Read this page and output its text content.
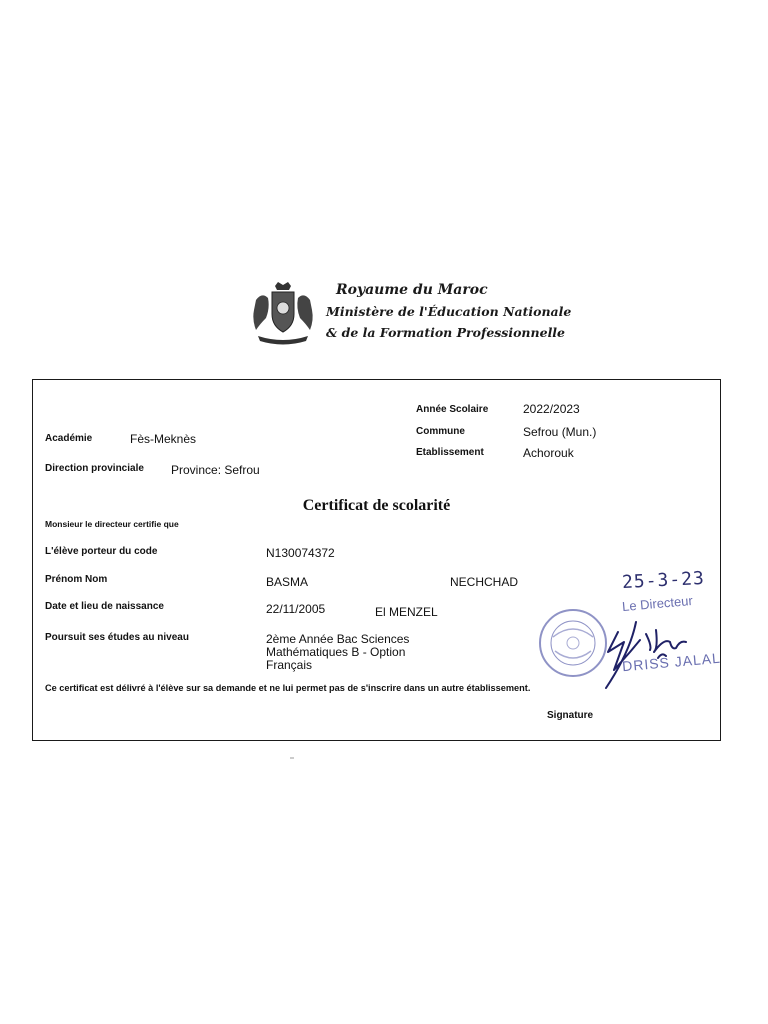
Royaume du Maroc
Ministère de l'Éducation Nationale
& de la Formation Professionnelle
Année Scolaire	2022/2023
Commune	Sefrou (Mun.)
Etablissement	Achorouk
Académie	Fès-Meknès
Direction provinciale Province: Sefrou
Certificat de scolarité
Monsieur le directeur certifie que
L'élève porteur du code	N130074372
Prénom Nom	BASMA	NECHCHAD
Date et lieu de naissance	22/11/2005	El MENZEL
Poursuit ses études au niveau	2ème Année Bac Sciences
Mathématiques B - Option
Français
Ce certificat est délivré à l'élève sur sa demande et ne lui permet pas de s'inscrire dans un autre établissement.
Signature
25-3-23
Le Directeur
DRISS JALAL
